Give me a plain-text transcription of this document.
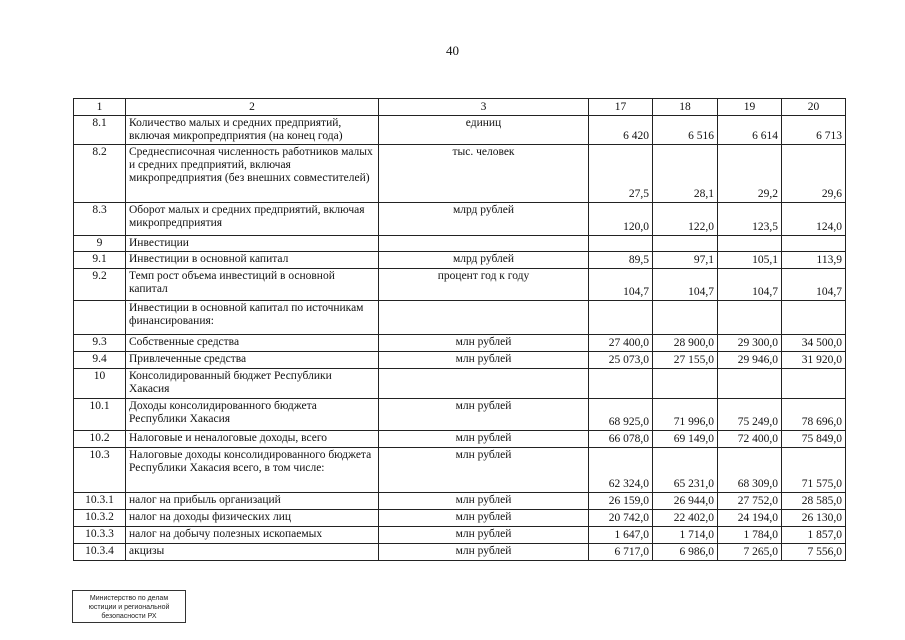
40
1	2	3	17	18	19	20
8.1	Количество малых и средних предприятий, включая микропредприятия (на конец года)	единиц	6 420	6 516	6 614	6 713
8.2	Среднесписочная численность работников малых и средних предприятий, включая микропредприятия (без внешних совместителей)	тыс. человек	27,5	28,1	29,2	29,6
8.3	Оборот малых и средних предприятий, включая микропредприятия	млрд рублей	120,0	122,0	123,5	124,0
9	Инвестиции					
9.1	Инвестиции в основной капитал	млрд рублей	89,5	97,1	105,1	113,9
9.2	Темп рост объема инвестиций в основной капитал	процент год к году	104,7	104,7	104,7	104,7
	Инвестиции в основной капитал по источникам финансирования:					
9.3	Собственные средства	млн рублей	27 400,0	28 900,0	29 300,0	34 500,0
9.4	Привлеченные средства	млн рублей	25 073,0	27 155,0	29 946,0	31 920,0
10	Консолидированный бюджет Республики Хакасия					
10.1	Доходы консолидированного бюджета Республики Хакасия	млн рублей	68 925,0	71 996,0	75 249,0	78 696,0
10.2	Налоговые и неналоговые доходы, всего	млн рублей	66 078,0	69 149,0	72 400,0	75 849,0
10.3	Налоговые доходы консолидированного бюджета Республики Хакасия всего, в том числе:	млн рублей	62 324,0	65 231,0	68 309,0	71 575,0
10.3.1	налог на прибыль организаций	млн рублей	26 159,0	26 944,0	27 752,0	28 585,0
10.3.2	налог на доходы физических лиц	млн рублей	20 742,0	22 402,0	24 194,0	26 130,0
10.3.3	налог на добычу полезных ископаемых	млн рублей	1 647,0	1 714,0	1 784,0	1 857,0
10.3.4	акцизы	млн рублей	6 717,0	6 986,0	7 265,0	7 556,0
Министерство по делам
юстиции и региональной
безопасности РХ
